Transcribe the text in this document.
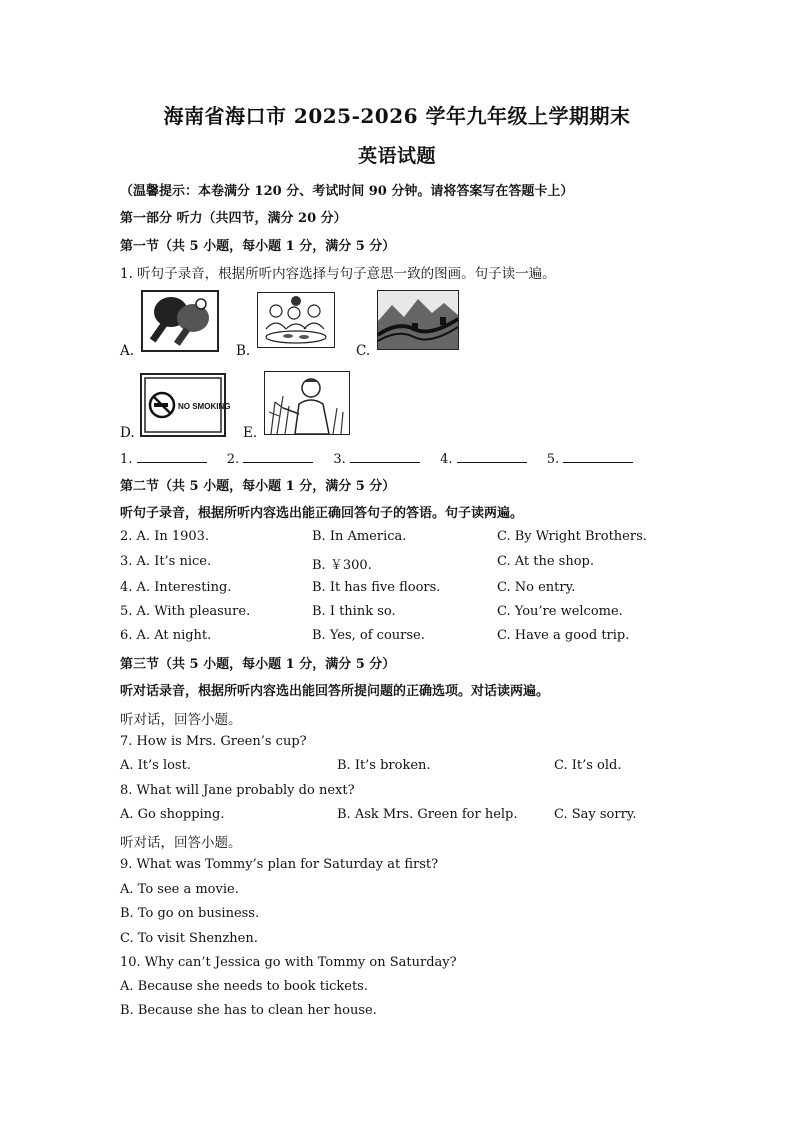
海南省海口市 2025-2026 学年九年级上学期期末
英语试题
（温馨提示：本卷满分 120 分、考试时间 90 分钟。请将答案写在答题卡上）
第一部分 听力（共四节，满分 20 分）
第一节（共 5 小题，每小题 1 分，满分 5 分）
1. 听句子录音，根据所听内容选择与句子意思一致的图画。句子读一遍。
A.	B.	C.
D.
NO SMOKING
E.
1.	2.	3.	4.	5.
第二节（共 5 小题，每小题 1 分，满分 5 分）
听句子录音，根据所听内容选出能正确回答句子的答语。句子读两遍。
2. A. In 1903.	B. In America.	C. By Wright Brothers.
3. A. It’s nice.	B. ￥300.	C. At the shop.
4. A. Interesting.	B. It has five floors.	C. No entry.
5. A. With pleasure.	B. I think so.	C. You’re welcome.
6. A. At night.	B. Yes, of course.	C. Have a good trip.
第三节（共 5 小题，每小题 1 分，满分 5 分）
听对话录音，根据所听内容选出能回答所提问题的正确选项。对话读两遍。
听对话，回答小题。
7. How is Mrs. Green’s cup?
A. It’s lost.	B. It’s broken.	C. It’s old.
8. What will Jane probably do next?
A. Go shopping.	B. Ask Mrs. Green for help.	C. Say sorry.
听对话，回答小题。
9. What was Tommy’s plan for Saturday at first?
A. To see a movie.
B. To go on business.
C. To visit Shenzhen.
10. Why can’t Jessica go with Tommy on Saturday?
A. Because she needs to book tickets.
B. Because she has to clean her house.
